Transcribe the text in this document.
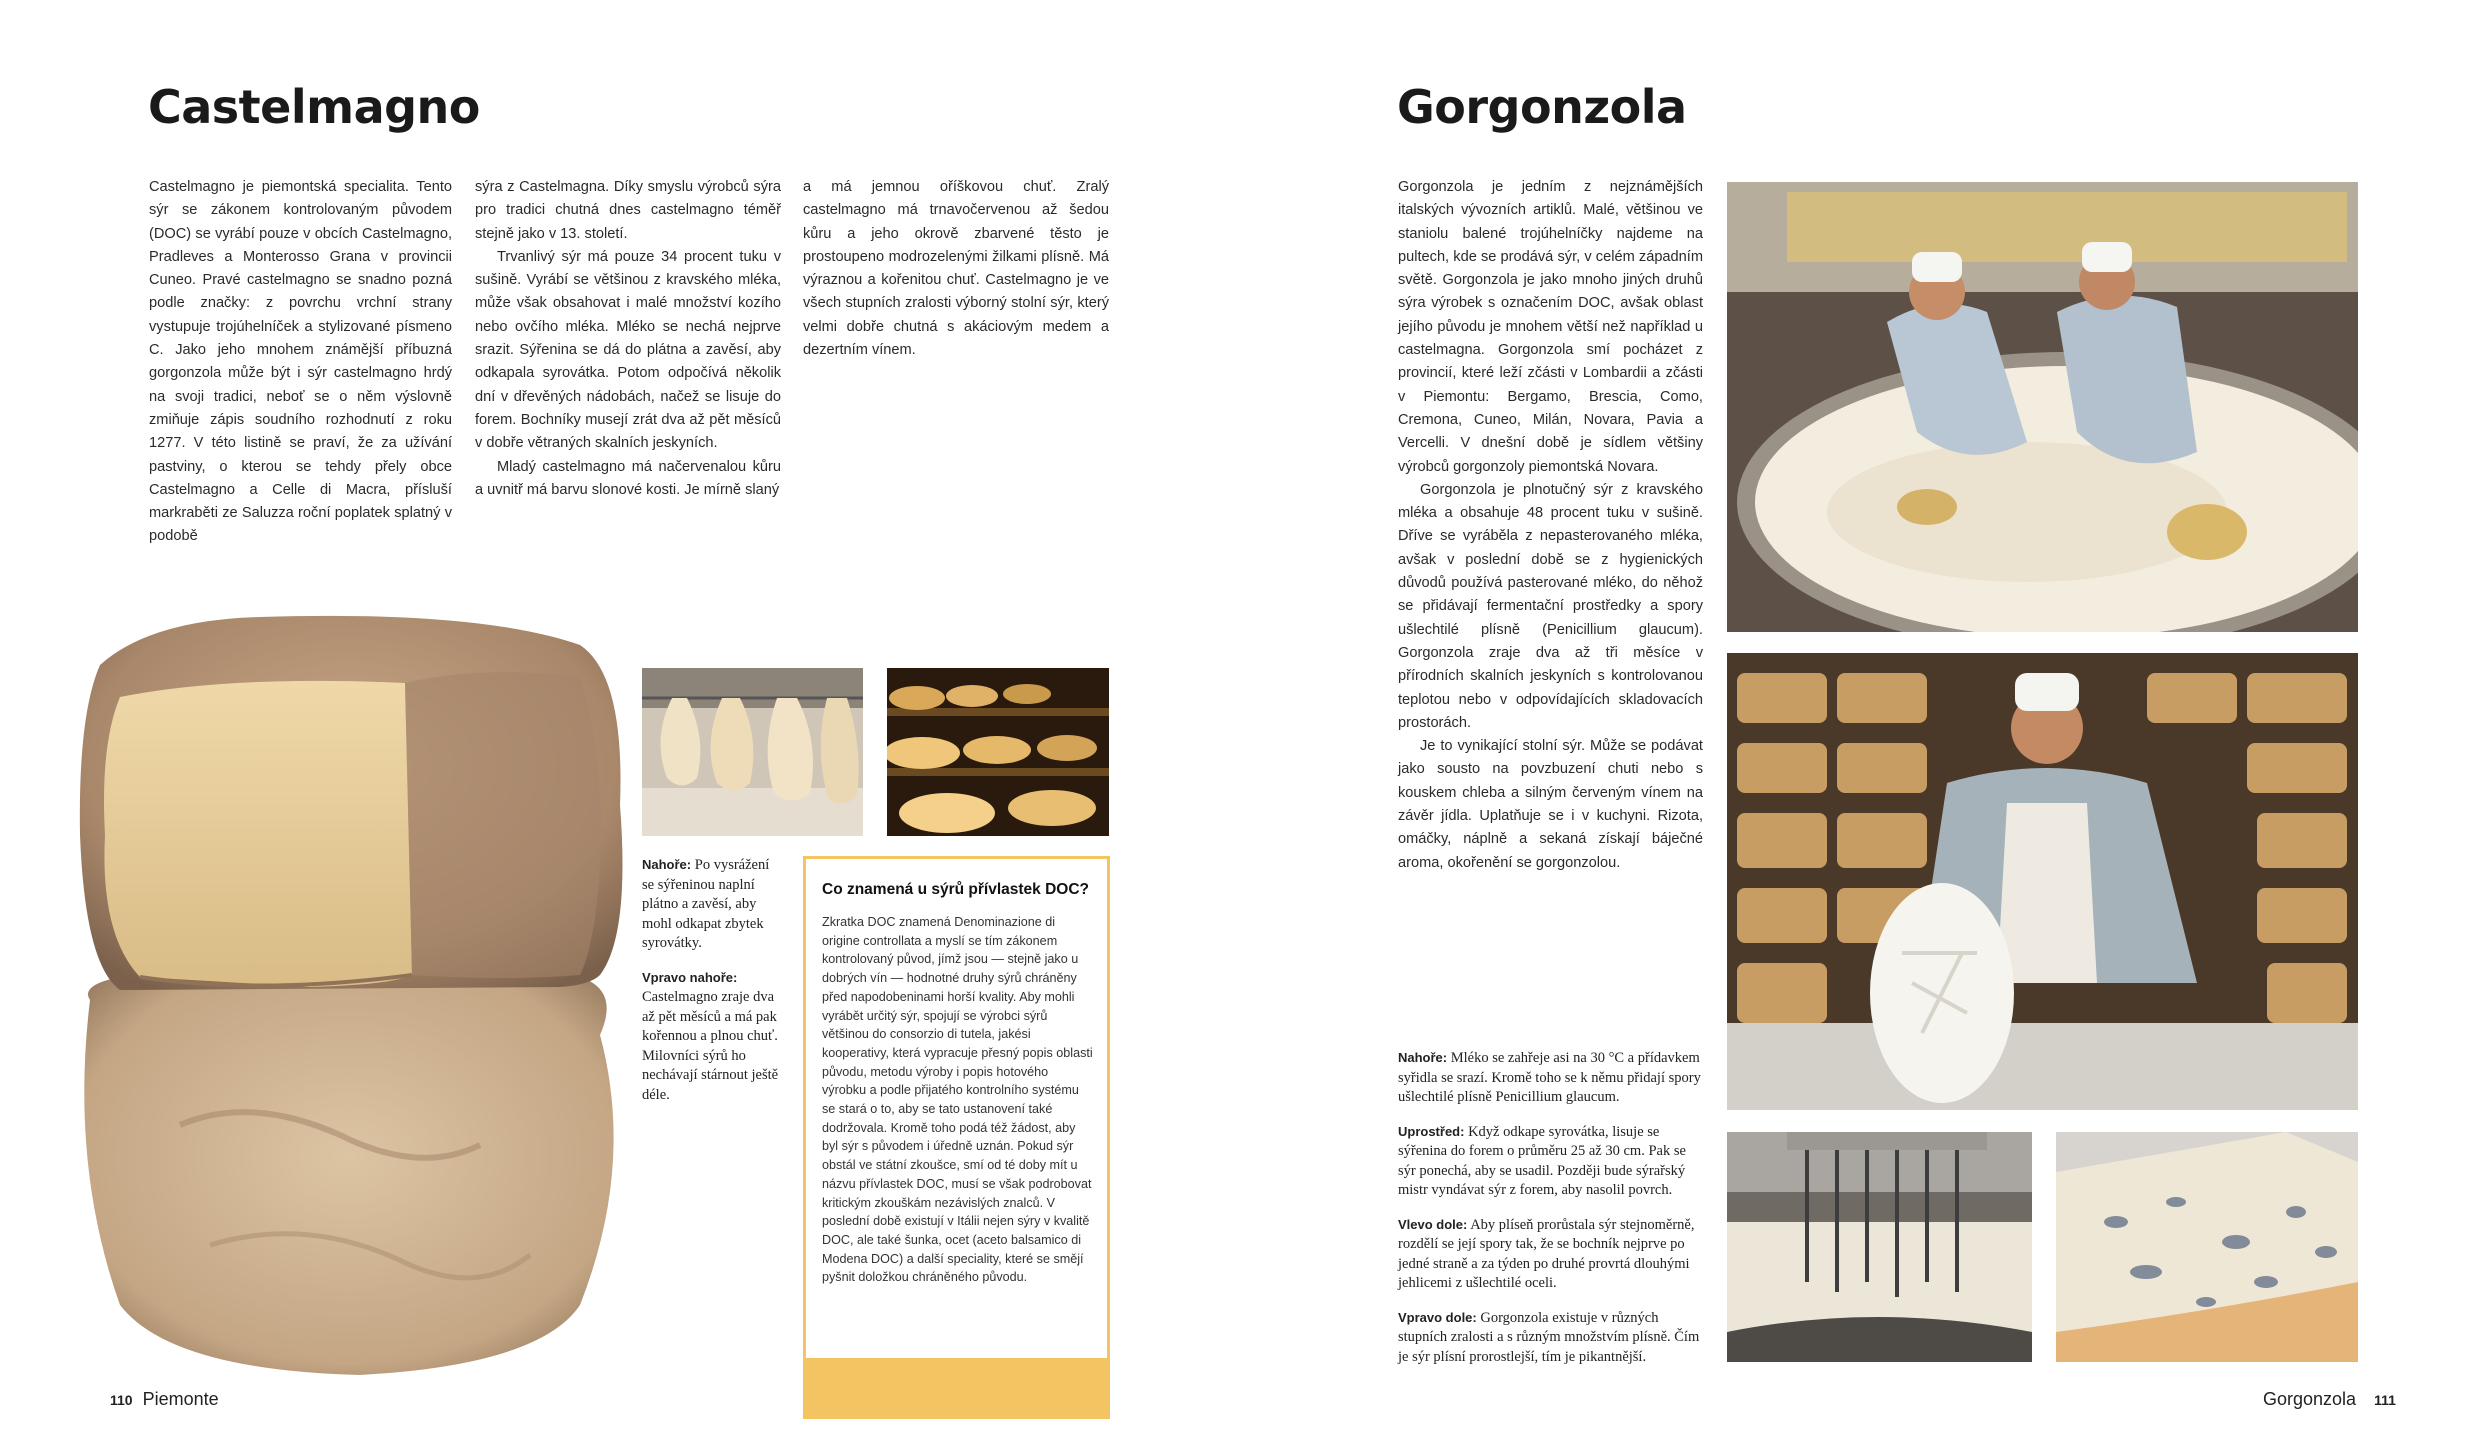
Castelmagno

Castelmagno je piemontská specialita. Tento sýr se zákonem kontrolovaným původem (DOC) se vyrábí pouze v obcích Castelmagno, Pradleves a Monterosso Grana v provincii Cuneo. Pravé castelmagno se snadno pozná podle značky: z povrchu vrchní strany vystupuje trojúhelníček a stylizované písmeno C. Jako jeho mnohem známější příbuzná gorgonzola může být i sýr castelmagno hrdý na svoji tradici, neboť se o něm výslovně zmiňuje zápis soudního rozhodnutí z roku 1277. V této listině se praví, že za užívání pastviny, o kterou se tehdy přely obce Castelmagno a Celle di Macra, přísluší markraběti ze Saluzza roční poplatek splatný v podobě

sýra z Castelmagna. Díky smyslu výrobců sýra pro tradici chutná dnes castelmagno téměř stejně jako v 13. století.

Trvanlivý sýr má pouze 34 procent tuku v sušině. Vyrábí se většinou z kravského mléka, může však obsahovat i malé množství kozího nebo ovčího mléka. Mléko se nechá nejprve srazit. Sýřenina se dá do plátna a zavěsí, aby odkapala syrovátka. Potom odpočívá několik dní v dřevěných nádobách, načež se lisuje do forem. Bochníky musejí zrát dva až pět měsíců v dobře větraných skalních jeskyních.

Mladý castelmagno má načervenalou kůru a uvnitř má barvu slonové kosti. Je mírně slaný

a má jemnou oříškovou chuť. Zralý castelmagno má trnavočervenou až šedou kůru a jeho okrově zbarvené těsto je prostoupeno modrozelenými žilkami plísně. Má výraznou a kořenitou chuť. Castelmagno je ve všech stupních zralosti výborný stolní sýr, který velmi dobře chutná s akáciovým medem a dezertním vínem.

Nahoře: Po vysrážení se sýřeninou naplní plátno a zavěsí, aby mohl odkapat zbytek syrovátky.

Vpravo nahoře:
Castelmagno zraje dva až pět měsíců a má pak kořennou a plnou chuť. Milovníci sýrů ho nechávají stárnout ještě déle.

Co znamená u sýrů přívlastek DOC?
Zkratka DOC znamená Denominazione di origine controllata a myslí se tím zákonem kontrolovaný původ, jímž jsou — stejně jako u dobrých vín — hodnotné druhy sýrů chráněny před napodobeninami horší kvality. Aby mohli vyrábět určitý sýr, spojují se výrobci sýrů většinou do consorzio di tutela, jakési kooperativy, která vypracuje přesný popis oblasti původu, metodu výroby i popis hotového výrobku a podle přijatého kontrolního systému se stará o to, aby se tato ustanovení také dodržovala. Kromě toho podá též žádost, aby byl sýr s původem i úředně uznán. Pokud sýr obstál ve státní zkoušce, smí od té doby mít u názvu přívlastek DOC, musí se však podrobovat kritickým zkouškám nezávislých znalců. V poslední době existují v Itálii nejen sýry v kvalitě DOC, ale také šunka, ocet (aceto balsamico di Modena DOC) a další speciality, které se smějí pyšnit doložkou chráněného původu.
110 Piemonte
Gorgonzola

Gorgonzola je jedním z nejznámějších italských vývozních artiklů. Malé, většinou ve staniolu balené trojúhelníčky najdeme na pultech, kde se prodává sýr, v celém západním světě. Gorgonzola je jako mnoho jiných druhů sýra výrobek s označením DOC, avšak oblast jejího původu je mnohem větší než například u castelmagna. Gorgonzola smí pocházet z provincií, které leží zčásti v Lombardii a zčásti v Piemontu: Bergamo, Brescia, Como, Cremona, Cuneo, Milán, Novara, Pavia a Vercelli. V dnešní době je sídlem většiny výrobců gorgonzoly piemontská Novara.

Gorgonzola je plnotučný sýr z kravského mléka a obsahuje 48 procent tuku v sušině. Dříve se vyráběla z nepasterovaného mléka, avšak v poslední době se z hygienických důvodů používá pasterované mléko, do něhož se přidávají fermentační prostředky a spory ušlechtilé plísně (Penicillium glaucum). Gorgonzola zraje dva až tři měsíce v přírodních skalních jeskyních s kontrolovanou teplotou nebo v odpovídajících skladovacích prostorách.

Je to vynikající stolní sýr. Může se podávat jako sousto na povzbuzení chuti nebo s kouskem chleba a silným červeným vínem na závěr jídla. Uplatňuje se i v kuchyni. Rizota, omáčky, náplně a sekaná získají báječné aroma, okořenění se gorgonzolou.

Nahoře: Mléko se zahřeje asi na 30 °C a přídavkem syřidla se srazí. Kromě toho se k němu přidají spory ušlechtilé plísně Penicillium glaucum.

Uprostřed: Když odkape syrovátka, lisuje se sýřenina do forem o průměru 25 až 30 cm. Pak se sýr ponechá, aby se usadil. Později bude sýrařský mistr vyndávat sýr z forem, aby nasolil povrch.

Vlevo dole: Aby plíseň prorůstala sýr stejnoměrně, rozdělí se její spory tak, že se bochník nejprve po jedné straně a za týden po druhé provrtá dlouhými jehlicemi z ušlechtilé oceli.

Vpravo dole: Gorgonzola existuje v různých stupních zralosti a s různým množstvím plísně. Čím je sýr plísní prorostlejší, tím je pikantnější.

Gorgonzola 111
